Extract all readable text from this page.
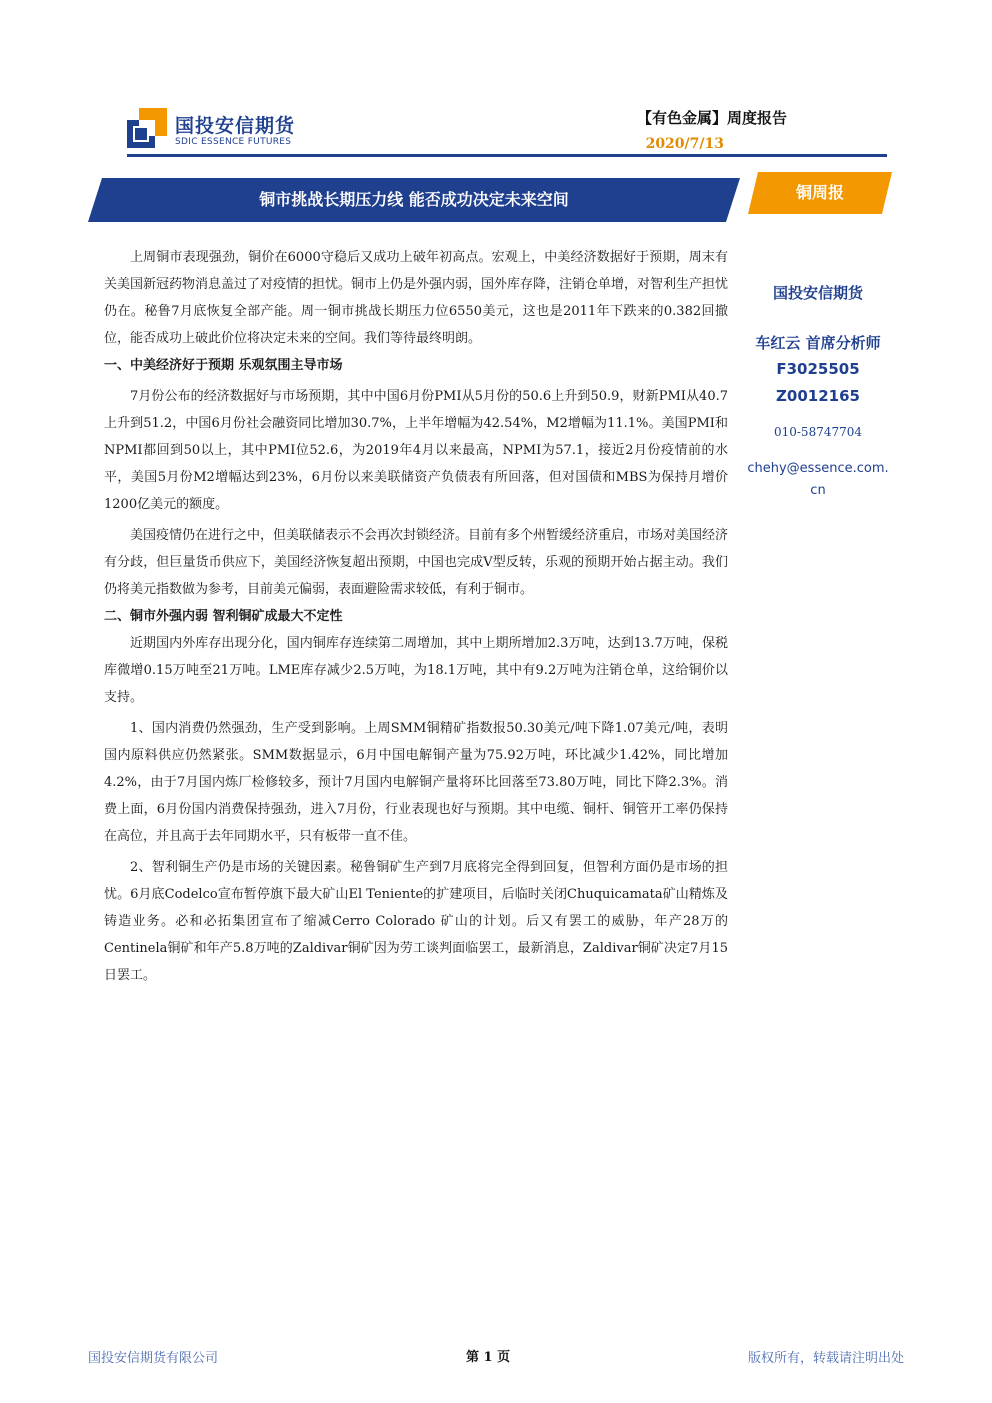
国投安信期货
SDIC ESSENCE FUTURES
【有色金属】周度报告
2020/7/13
铜市挑战长期压力线 能否成功决定未来空间	铜周报

上周铜市表现强劲，铜价在6000守稳后又成功上破年初高点。宏观上，中美经济数据好于预期，周末有关美国新冠药物消息盖过了对疫情的担忧。铜市上仍是外强内弱，国外库存降，注销仓单增，对智利生产担忧仍在。秘鲁7月底恢复全部产能。周一铜市挑战长期压力位6550美元，这也是2011年下跌来的0.382回撤位，能否成功上破此价位将决定未来的空间。我们等待最终明朗。

一、中美经济好于预期 乐观氛围主导市场

7月份公布的经济数据好与市场预期，其中中国6月份PMI从5月份的50.6上升到50.9，财新PMI从40.7上升到51.2，中国6月份社会融资同比增加30.7%，上半年增幅为42.54%，M2增幅为11.1%。美国PMI和NPMI都回到50以上，其中PMI位52.6，为2019年4月以来最高，NPMI为57.1，接近2月份疫情前的水平，美国5月份M2增幅达到23%，6月份以来美联储资产负债表有所回落，但对国债和MBS为保持月增价1200亿美元的额度。

美国疫情仍在进行之中，但美联储表示不会再次封锁经济。目前有多个州暂缓经济重启，市场对美国经济有分歧，但巨量货币供应下，美国经济恢复超出预期，中国也完成V型反转，乐观的预期开始占据主动。我们仍将美元指数做为参考，目前美元偏弱，表面避险需求较低，有利于铜市。

二、铜市外强内弱 智利铜矿成最大不定性

近期国内外库存出现分化，国内铜库存连续第二周增加，其中上期所增加2.3万吨，达到13.7万吨，保税库微增0.15万吨至21万吨。LME库存减少2.5万吨，为18.1万吨，其中有9.2万吨为注销仓单，这给铜价以支持。

1、国内消费仍然强劲，生产受到影响。上周SMM铜精矿指数报50.30美元/吨下降1.07美元/吨，表明国内原料供应仍然紧张。SMM数据显示，6月中国电解铜产量为75.92万吨，环比减少1.42%，同比增加4.2%，由于7月国内炼厂检修较多，预计7月国内电解铜产量将环比回落至73.80万吨，同比下降2.3%。消费上面，6月份国内消费保持强劲，进入7月份，行业表现也好与预期。其中电缆、铜杆、铜管开工率仍保持在高位，并且高于去年同期水平，只有板带一直不佳。

2、智利铜生产仍是市场的关键因素。秘鲁铜矿生产到7月底将完全得到回复，但智利方面仍是市场的担忧。6月底Codelco宣布暂停旗下最大矿山El Teniente的扩建项目，后临时关闭Chuquicamata矿山精炼及铸造业务。必和必拓集团宣布了缩减Cerro Colorado 矿山的计划。后又有罢工的威胁，年产28万的Centinela铜矿和年产5.8万吨的Zaldivar铜矿因为劳工谈判面临罢工，最新消息，Zaldivar铜矿决定7月15日罢工。

国投安信期货
车红云 首席分析师
F3025505
Z0012165
010-58747704
chehy@essence.com.cn
国投安信期货有限公司	第 1 页	版权所有，转载请注明出处
